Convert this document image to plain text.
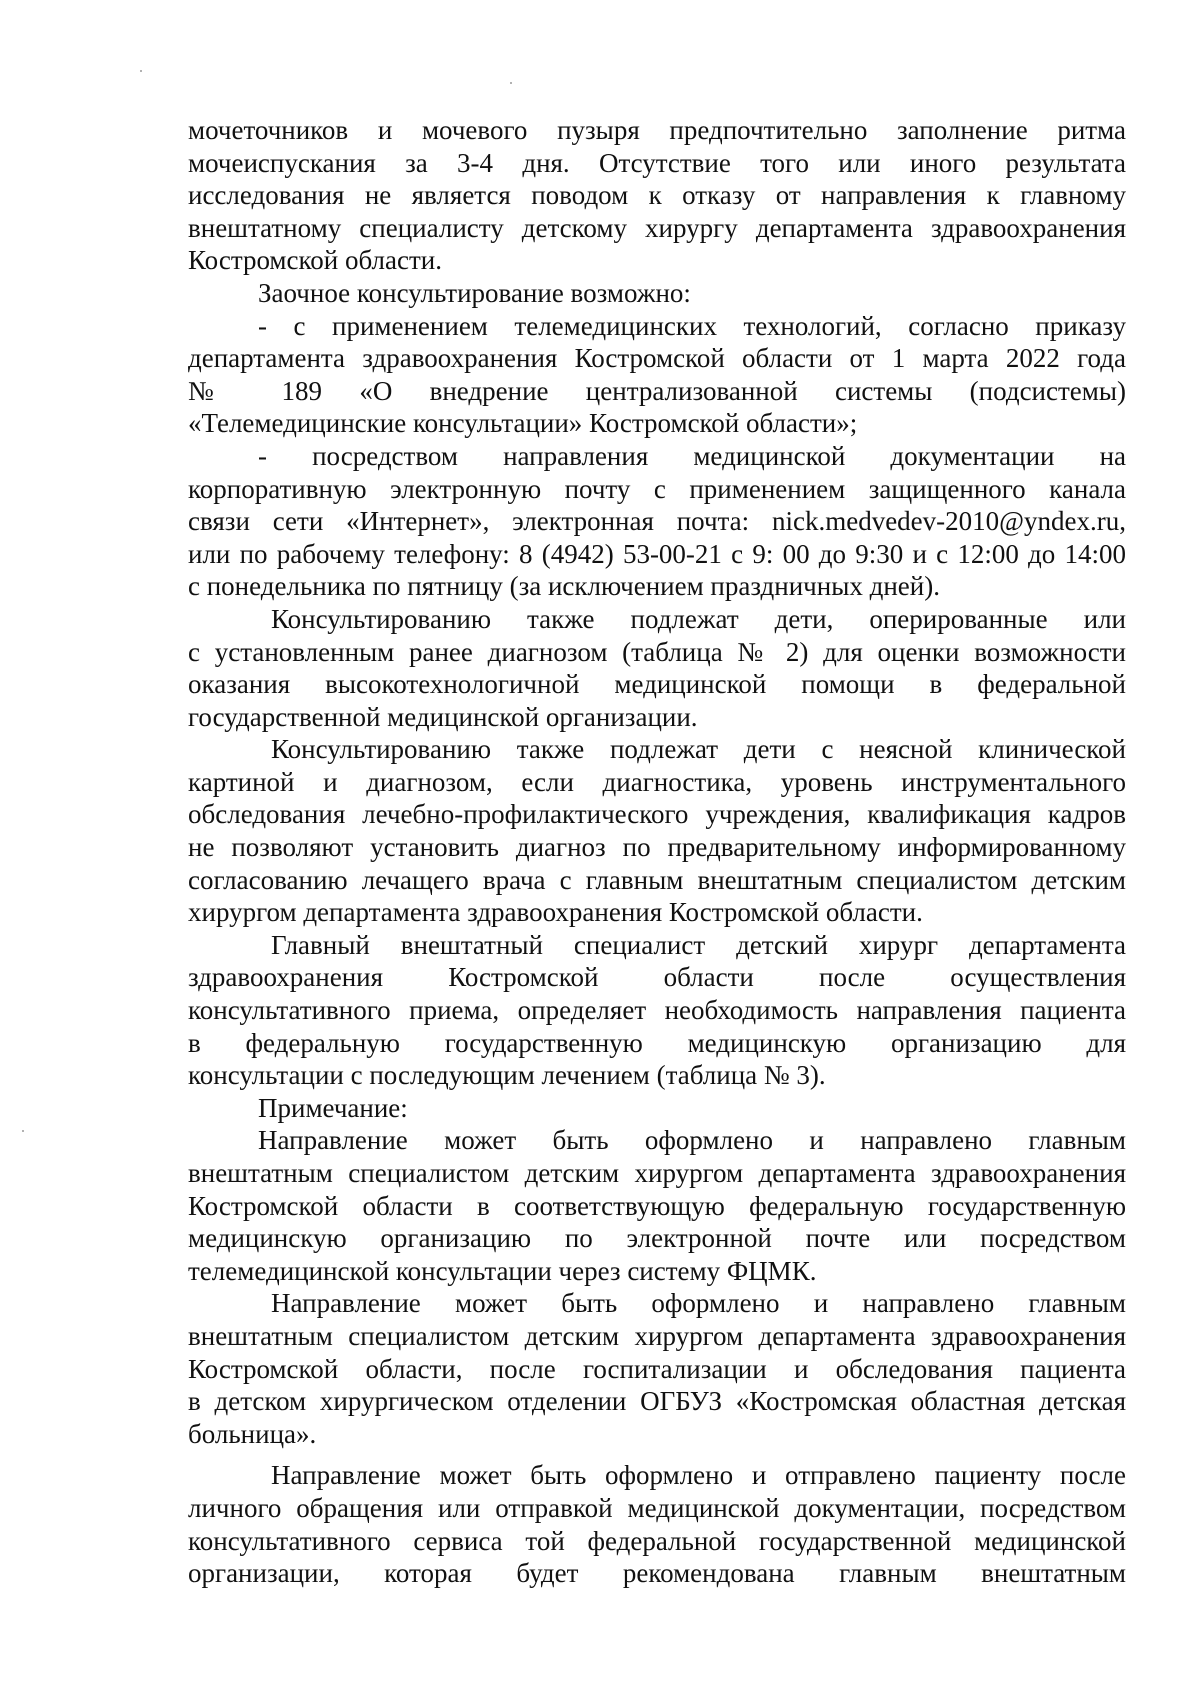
мочеточников и мочевого пузыря предпочтительно заполнение ритма
мочеиспускания за 3-4 дня. Отсутствие того или иного результата
исследования не является поводом к отказу от направления к главному
внештатному специалисту детскому хирургу департамента здравоохранения
Костромской области.
Заочное консультирование возможно:
- с применением телемедицинских технологий, согласно приказу
департамента здравоохранения Костромской области от 1 марта 2022 года
№ 189 «О внедрение централизованной системы (подсистемы)
«Телемедицинские консультации» Костромской области»;
- посредством направления медицинской документации на
корпоративную электронную почту с применением защищенного канала
связи сети «Интернет», электронная почта: nick.medvedev-2010@yndex.ru,
или по рабочему телефону: 8 (4942) 53-00-21 с 9: 00 до 9:30 и с 12:00 до 14:00
с понедельника по пятницу (за исключением праздничных дней).
Консультированию также подлежат дети, оперированные или
с установленным ранее диагнозом (таблица № 2) для оценки возможности
оказания высокотехнологичной медицинской помощи в федеральной
государственной медицинской организации.
Консультированию также подлежат дети с неясной клинической
картиной и диагнозом, если диагностика, уровень инструментального
обследования лечебно-профилактического учреждения, квалификация кадров
не позволяют установить диагноз по предварительному информированному
согласованию лечащего врача с главным внештатным специалистом детским
хирургом департамента здравоохранения Костромской области.
Главный внештатный специалист детский хирург департамента
здравоохранения Костромской области после осуществления
консультативного приема, определяет необходимость направления пациента
в федеральную государственную медицинскую организацию для
консультации с последующим лечением (таблица № 3).
Примечание:
Направление может быть оформлено и направлено главным
внештатным специалистом детским хирургом департамента здравоохранения
Костромской области в соответствующую федеральную государственную
медицинскую организацию по электронной почте или посредством
телемедицинской консультации через систему ФЦМК.
Направление может быть оформлено и направлено главным
внештатным специалистом детским хирургом департамента здравоохранения
Костромской области, после госпитализации и обследования пациента
в детском хирургическом отделении ОГБУЗ «Костромская областная детская
больница».
Направление может быть оформлено и отправлено пациенту после
личного обращения или отправкой медицинской документации, посредством
консультативного сервиса той федеральной государственной медицинской
организации, которая будет рекомендована главным внештатным
